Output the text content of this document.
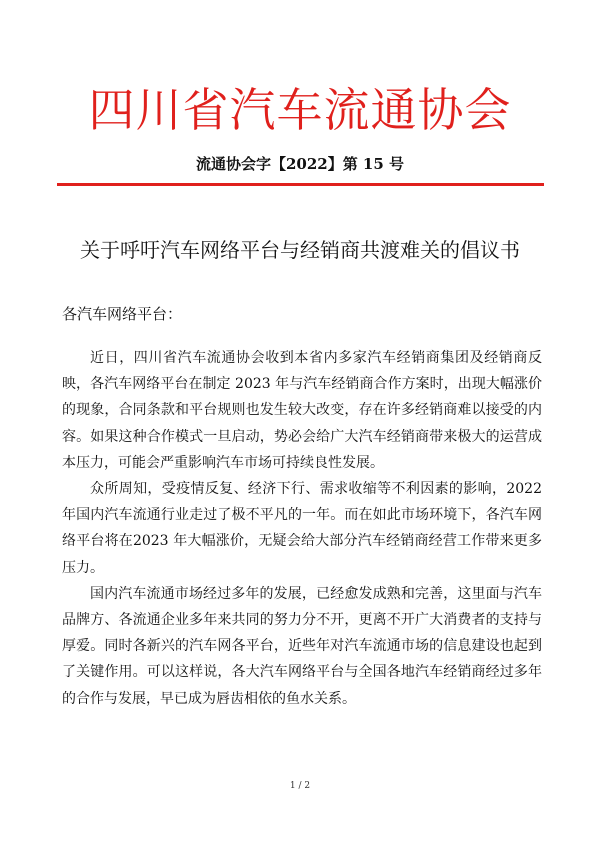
四川省汽车流通协会
流通协会字【2022】第 15 号
关于呼吁汽车网络平台与经销商共渡难关的倡议书
各汽车网络平台：

近日，四川省汽车流通协会收到本省内多家汽车经销商集团及经销商反映，各汽车网络平台在制定 2023 年与汽车经销商合作方案时，出现大幅涨价的现象，合同条款和平台规则也发生较大改变，存在许多经销商难以接受的内容。如果这种合作模式一旦启动，势必会给广大汽车经销商带来极大的运营成本压力，可能会严重影响汽车市场可持续良性发展。

众所周知，受疫情反复、经济下行、需求收缩等不利因素的影响，2022 年国内汽车流通行业走过了极不平凡的一年。而在如此市场环境下，各汽车网络平台将在2023 年大幅涨价，无疑会给大部分汽车经销商经营工作带来更多压力。

国内汽车流通市场经过多年的发展，已经愈发成熟和完善，这里面与汽车品牌方、各流通企业多年来共同的努力分不开，更离不开广大消费者的支持与厚爱。同时各新兴的汽车网各平台，近些年对汽车流通市场的信息建设也起到了关键作用。可以这样说，各大汽车网络平台与全国各地汽车经销商经过多年的合作与发展，早已成为唇齿相依的鱼水关系。

1 / 2
